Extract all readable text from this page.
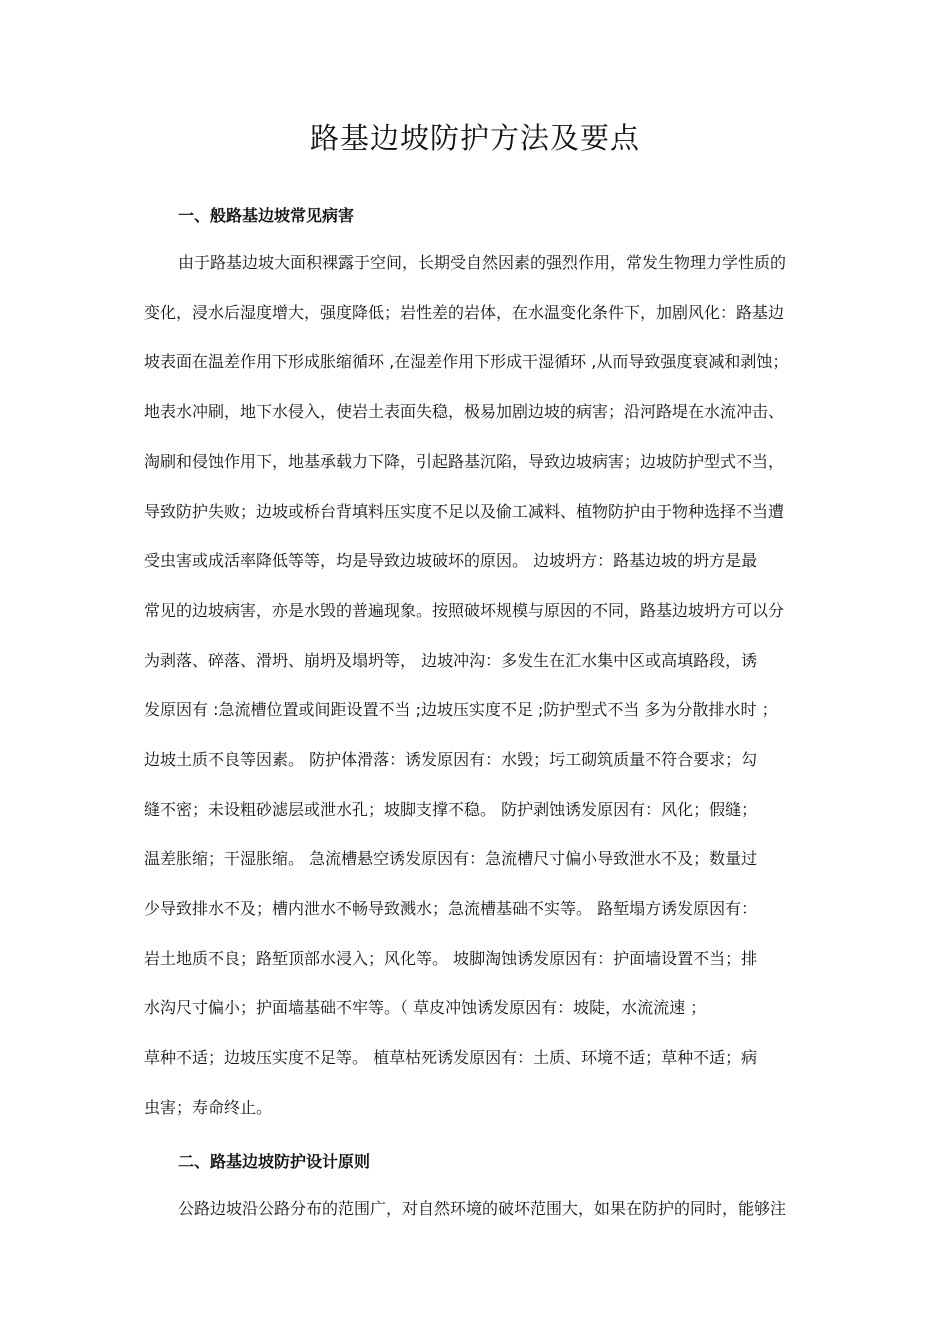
路基边坡防护方法及要点
一、般路基边坡常见病害
由于路基边坡大面积裸露于空间，长期受自然因素的强烈作用，常发生物理力学性质的
变化，浸水后湿度增大，强度降低；岩性差的岩体，在水温变化条件下，加剧风化：路基边
坡表面在温差作用下形成胀缩循环 ,在湿差作用下形成干湿循环 ,从而导致强度衰减和剥蚀；
地表水冲刷，地下水侵入，使岩土表面失稳，极易加剧边坡的病害；沿河路堤在水流冲击、
淘刷和侵蚀作用下，地基承载力下降，引起路基沉陷，导致边坡病害；边坡防护型式不当，
导致防护失败；边坡或桥台背填料压实度不足以及偷工减料、植物防护由于物种选择不当遭
受虫害或成活率降低等等，均是导致边坡破坏的原因。 边坡坍方：路基边坡的坍方是最
常见的边坡病害，亦是水毁的普遍现象。按照破坏规模与原因的不同，路基边坡坍方可以分
为剥落、碎落、滑坍、崩坍及塌坍等， 边坡冲沟：多发生在汇水集中区或高填路段，诱
发原因有 :急流槽位置或间距设置不当 ;边坡压实度不足 ;防护型式不当 多为分散排水时 ；
边坡土质不良等因素。 防护体滑落：诱发原因有：水毁；圬工砌筑质量不符合要求；勾
缝不密；未设粗砂滤层或泄水孔；坡脚支撑不稳。 防护剥蚀诱发原因有：风化；假缝；
温差胀缩；干湿胀缩。 急流槽悬空诱发原因有：急流槽尺寸偏小导致泄水不及；数量过
少导致排水不及；槽内泄水不畅导致溅水；急流槽基础不实等。 路堑塌方诱发原因有：
岩土地质不良；路堑顶部水浸入；风化等。 坡脚淘蚀诱发原因有：护面墙设置不当；排
水沟尺寸偏小；护面墙基础不牢等。（ 草皮冲蚀诱发原因有：坡陡，水流流速 ；
草种不适；边坡压实度不足等。 植草枯死诱发原因有：土质、环境不适；草种不适；病
虫害；寿命终止。
二、路基边坡防护设计原则
公路边坡沿公路分布的范围广，对自然环境的破坏范围大，如果在防护的同时，能够注
